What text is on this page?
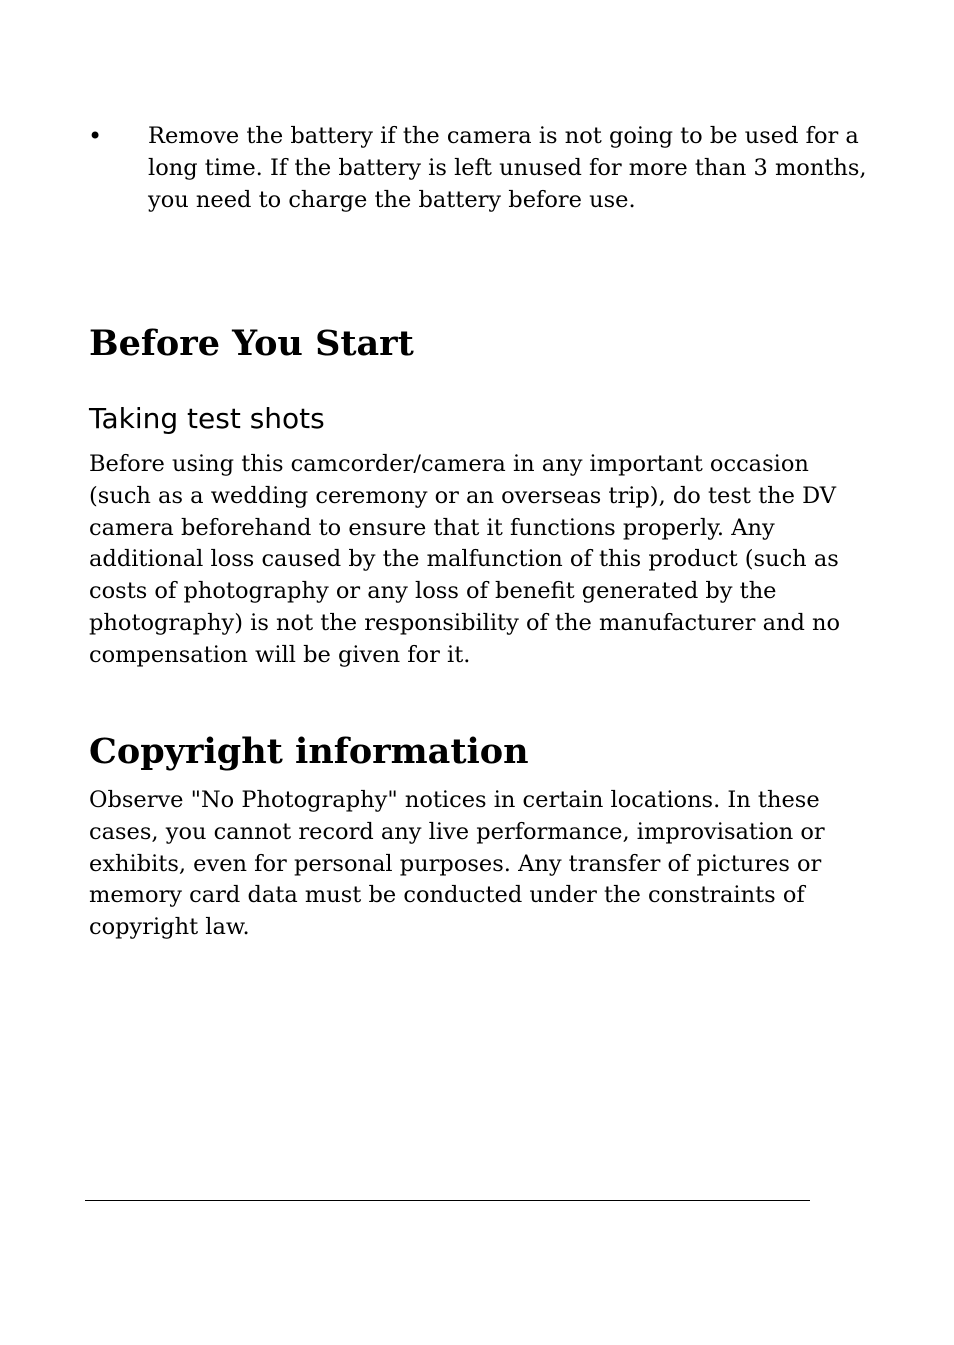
• Remove the battery if the camera is not going to be used for a long time. If the battery is left unused for more than 3 months, you need to charge the battery before use.
Before You Start
Taking test shots
Before using this camcorder/camera in any important occasion (such as a wedding ceremony or an overseas trip), do test the DV camera beforehand to ensure that it functions properly. Any additional loss caused by the malfunction of this product (such as costs of photography or any loss of benefit generated by the photography) is not the responsibility of the manufacturer and no compensation will be given for it.
Copyright information
Observe "No Photography" notices in certain locations. In these cases, you cannot record any live performance, improvisation or exhibits, even for personal purposes. Any transfer of pictures or memory card data must be conducted under the constraints of copyright law.
